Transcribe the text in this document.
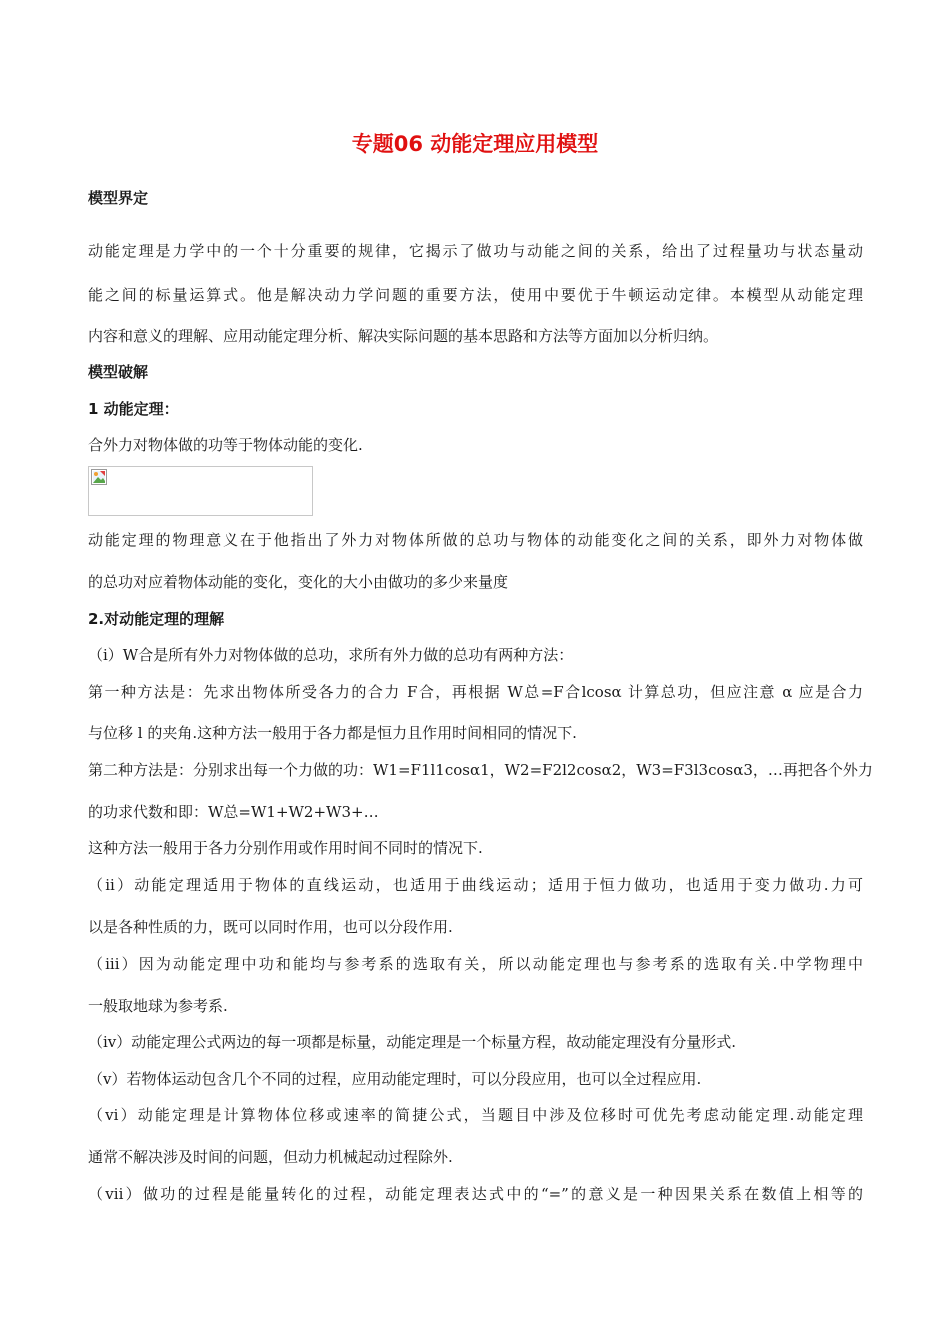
专题06 动能定理应用模型
模型界定
动能定理是力学中的一个十分重要的规律，它揭示了做功与动能之间的关系，给出了过程量功与状态量动
能之间的标量运算式。他是解决动力学问题的重要方法，使用中要优于牛顿运动定律。本模型从动能定理
内容和意义的理解、应用动能定理分析、解决实际问题的基本思路和方法等方面加以分析归纳。
模型破解
1 动能定理：
合外力对物体做的功等于物体动能的变化.
动能定理的物理意义在于他指出了外力对物体所做的总功与物体的动能变化之间的关系，即外力对物体做
的总功对应着物体动能的变化，变化的大小由做功的多少来量度
2.对动能定理的理解
（i）W合是所有外力对物体做的总功，求所有外力做的总功有两种方法：
第一种方法是：先求出物体所受各力的合力 F合，再根据 W总=F合lcosα 计算总功，但应注意 α 应是合力
与位移 l 的夹角.这种方法一般用于各力都是恒力且作用时间相同的情况下.
第二种方法是：分别求出每一个力做的功：W1=F1l1cosα1，W2=F2l2cosα2，W3=F3l3cosα3，…再把各个外力
的功求代数和即：W总=W1+W2+W3+…
这种方法一般用于各力分别作用或作用时间不同时的情况下.
（ii）动能定理适用于物体的直线运动，也适用于曲线运动；适用于恒力做功，也适用于变力做功.力可
以是各种性质的力，既可以同时作用，也可以分段作用.
（iii）因为动能定理中功和能均与参考系的选取有关，所以动能定理也与参考系的选取有关.中学物理中
一般取地球为参考系.
（iv）动能定理公式两边的每一项都是标量，动能定理是一个标量方程，故动能定理没有分量形式.
（v）若物体运动包含几个不同的过程，应用动能定理时，可以分段应用，也可以全过程应用.
（vi）动能定理是计算物体位移或速率的简捷公式，当题目中涉及位移时可优先考虑动能定理.动能定理
通常不解决涉及时间的问题，但动力机械起动过程除外.
（vii）做功的过程是能量转化的过程，动能定理表达式中的“=”的意义是一种因果关系在数值上相等的
